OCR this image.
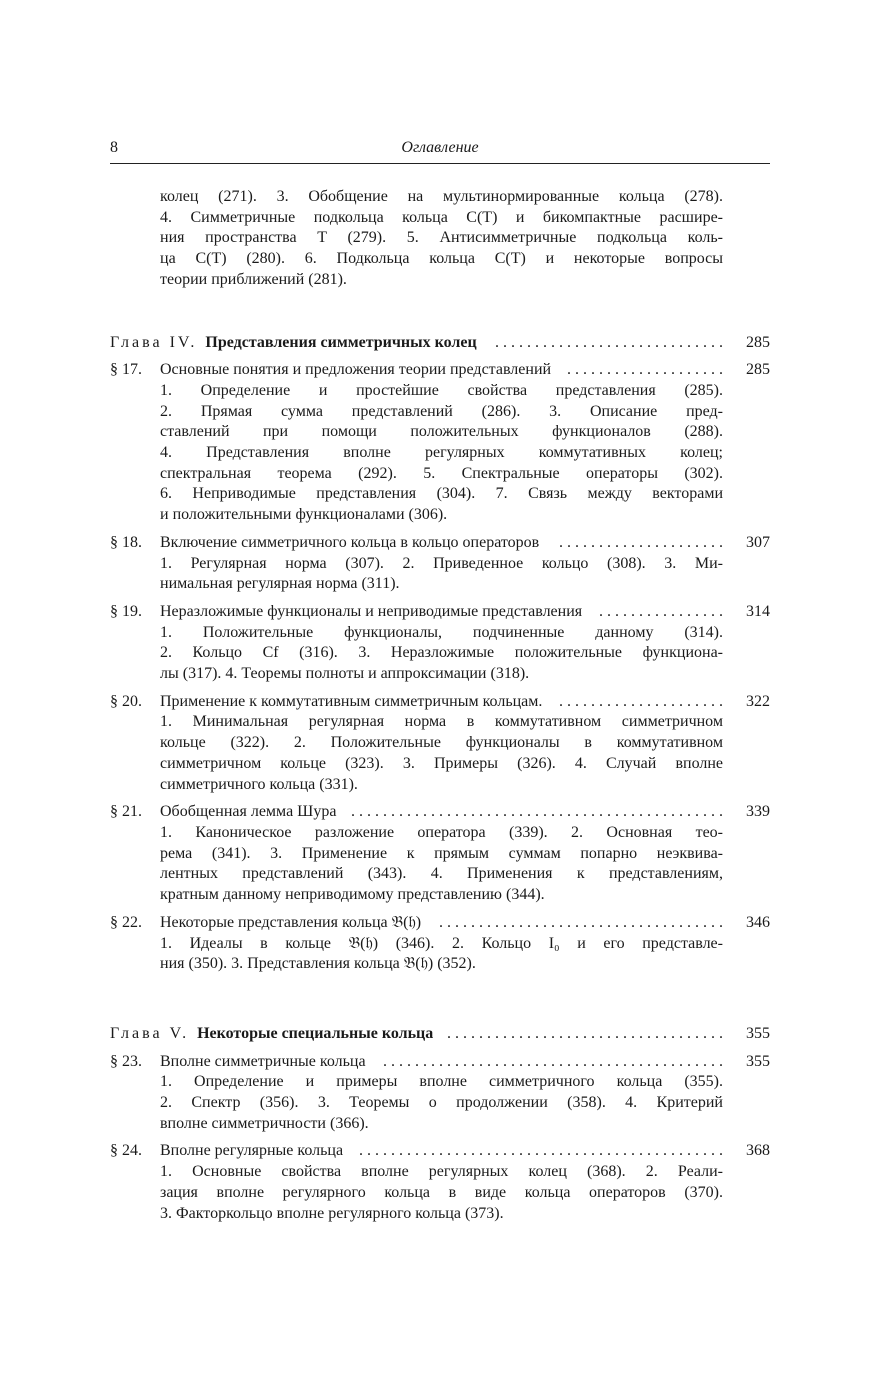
8	Оглавление
колец (271). 3. Обобщение на мультинормированные кольца (278).
4. Симметричные подкольца кольца C(T) и бикомпактные расшире-
ния пространства T (279). 5. Антисимметричные подкольца коль-
ца C(T) (280). 6. Подкольца кольца C(T) и некоторые вопросы
теории приближений (281).
Глава IV. Представления симметричных колец	. . . . . . . . . . . . . . . . . . . . . . . . . . . . .	285
§ 17.	Основные понятия и предложения теории представлений . . . . . . . . . . . . . . . . . . . .	285
1. Определение и простейшие свойства представления (285).
2. Прямая сумма представлений (286). 3. Описание пред-
ставлений при помощи положительных функционалов (288).
4. Представления вполне регулярных коммутативных колец;
спектральная теорема (292). 5. Спектральные операторы (302).
6. Неприводимые представления (304). 7. Связь между векторами
и положительными функционалами (306).
§ 18.	Включение симметричного кольца в кольцо операторов	. . . . . . . . . . . . . . . . . . . . .	307
1. Регулярная норма (307). 2. Приведенное кольцо (308). 3. Ми-
нимальная регулярная норма (311).
§ 19.	Неразложимые функционалы и неприводимые представления	. . . . . . . . . . . . . . . .	314
1. Положительные функционалы, подчиненные данному (314).
2. Кольцо Cf (316). 3. Неразложимые положительные функциона-
лы (317). 4. Теоремы полноты и аппроксимации (318).
§ 20.	Применение к коммутативным симметричным кольцам.	. . . . . . . . . . . . . . . . . . . . .	322
1. Минимальная регулярная норма в коммутативном симметричном
кольце (322). 2. Положительные функционалы в коммутативном
симметричном кольце (323). 3. Примеры (326). 4. Случай вполне
симметричного кольца (331).
§ 21.	Обобщенная лемма Шура . . . . . . . . . . . . . . . . . . . . . . . . . . . . . . . . . . . . . . . . . . . . . . .	339
1. Каноническое разложение оператора (339). 2. Основная тео-
рема (341). 3. Применение к прямым суммам попарно неэквива-
лентных представлений (343). 4. Применения к представлениям,
кратным данному неприводимому представлению (344).
§ 22.	Некоторые представления кольца 𝔅(𝔥)	. . . . . . . . . . . . . . . . . . . . . . . . . . . . . . . . . . . .	346
1. Идеалы в кольце 𝔅(𝔥) (346). 2. Кольцо I₀ и его представле-
ния (350). 3. Представления кольца 𝔅(𝔥) (352).
Глава V. Некоторые специальные кольца . . . . . . . . . . . . . . . . . . . . . . . . . . . . . . . . . . .	355
§ 23.	Вполне симметричные кольца	. . . . . . . . . . . . . . . . . . . . . . . . . . . . . . . . . . . . . . . . . . .	355
1. Определение и примеры вполне симметричного кольца (355).
2. Спектр (356). 3. Теоремы о продолжении (358). 4. Критерий
вполне симметричности (366).
§ 24.	Вполне регулярные кольца . . . . . . . . . . . . . . . . . . . . . . . . . . . . . . . . . . . . . . . . . . . . . .	368
1. Основные свойства вполне регулярных колец (368). 2. Реали-
зация вполне регулярного кольца в виде кольца операторов (370).
3. Факторкольцо вполне регулярного кольца (373).
